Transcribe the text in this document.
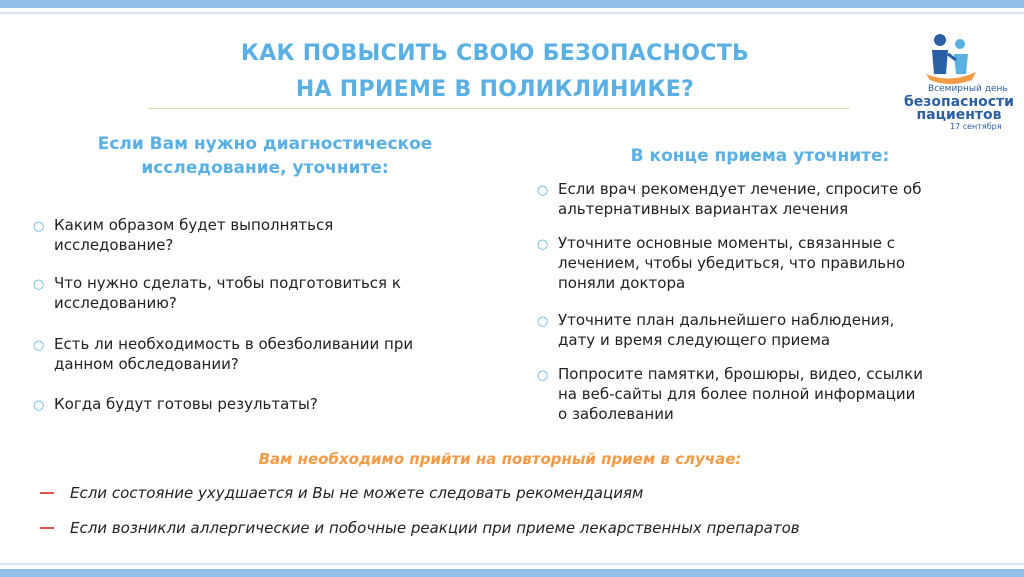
КАК ПОВЫСИТЬ СВОЮ БЕЗОПАСНОСТЬ
НА ПРИЕМЕ В ПОЛИКЛИНИКЕ?	Всемирный день
безопасности
пациентов
17 сентября
Если Вам нужно диагностическое
исследование, уточните:
○ Каким образом будет выполняться
исследование?
○ Что нужно сделать, чтобы подготовиться к
исследованию?
○ Есть ли необходимость в обезболивании при
данном обследовании?
○ Когда будут готовы результаты?
В конце приема уточните:
○ Если врач рекомендует лечение, спросите об
альтернативных вариантах лечения
○ Уточните основные моменты, связанные с
лечением, чтобы убедиться, что правильно
поняли доктора
○ Уточните план дальнейшего наблюдения,
дату и время следующего приема
○ Попросите памятки, брошюры, видео, ссылки
на веб-сайты для более полной информации
о заболевании
Вам необходимо прийти на повторный прием в случае:
Если состояние ухудшается и Вы не можете следовать рекомендациям
Если возникли аллергические и побочные реакции при приеме лекарственных препаратов
